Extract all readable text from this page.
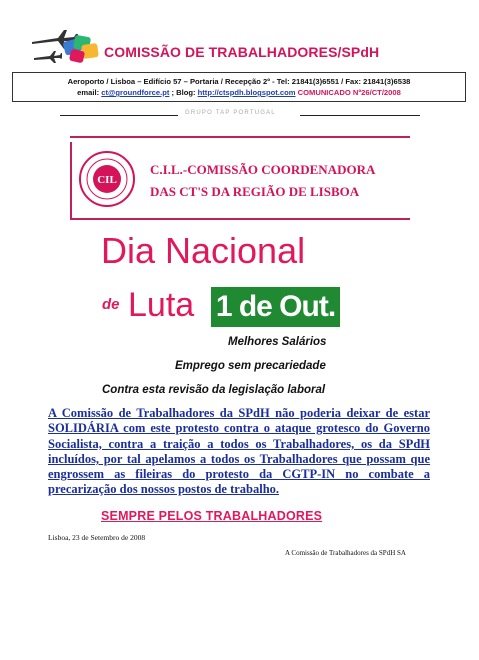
COMISSÃO DE TRABALHADORES/SPdH
Aeroporto / Lisboa – Edifício 57 – Portaria / Recepção 2º - Tel: 21841(3)6551 / Fax: 21841(3)6538
email: ct@groundforce.pt ; Blog: http://ctspdh.blogspot.com COMUNICADO Nº26/CT/2008
GRUPO TAP PORTUGAL
CIL
C.I.L.-COMISSÃO COORDENADORA
DAS CT'S DA REGIÃO DE LISBOA
Dia Nacional
de Luta 1 de Out.
Melhores Salários
Emprego sem precariedade
Contra esta revisão da legislação laboral
A Comissão de Trabalhadores da SPdH não poderia deixar de estar SOLIDÁRIA com este protesto contra o ataque grotesco do Governo Socialista, contra a traição a todos os Trabalhadores, os da SPdH incluídos, por tal apelamos a todos os Trabalhadores que possam que engrossem as fileiras do protesto da CGTP-IN no combate a precarização dos nossos postos de trabalho.
SEMPRE PELOS TRABALHADORES
Lisboa, 23 de Setembro de 2008
A Comissão de Trabalhadores da SPdH SA
